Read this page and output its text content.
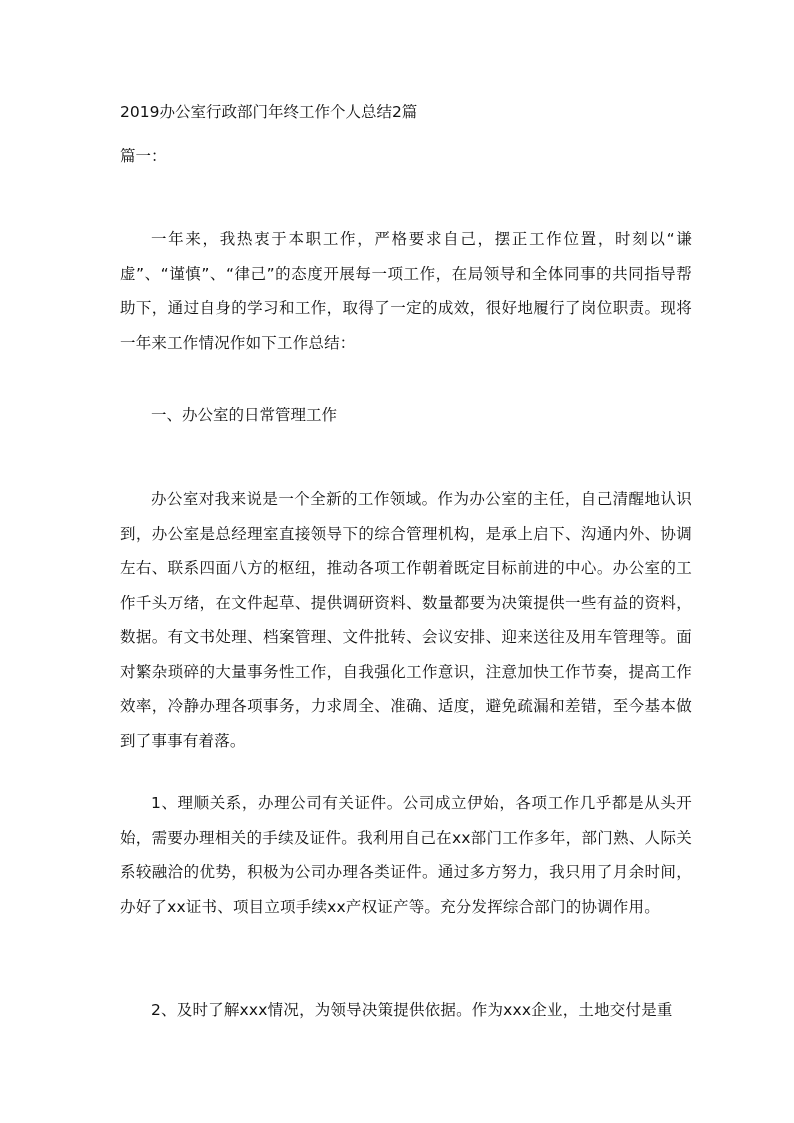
2019办公室行政部门年终工作个人总结2篇
篇一：
一年来，我热衷于本职工作，严格要求自己，摆正工作位置，时刻以“谦虚”、“谨慎”、“律己”的态度开展每一项工作，在局领导和全体同事的共同指导帮助下，通过自身的学习和工作，取得了一定的成效，很好地履行了岗位职责。现将一年来工作情况作如下工作总结：
一、办公室的日常管理工作
办公室对我来说是一个全新的工作领域。作为办公室的主任，自己清醒地认识到，办公室是总经理室直接领导下的综合管理机构，是承上启下、沟通内外、协调左右、联系四面八方的枢纽，推动各项工作朝着既定目标前进的中心。办公室的工作千头万绪，在文件起草、提供调研资料、数量都要为决策提供一些有益的资料，数据。有文书处理、档案管理、文件批转、会议安排、迎来送往及用车管理等。面对繁杂琐碎的大量事务性工作，自我强化工作意识，注意加快工作节奏，提高工作效率，冷静办理各项事务，力求周全、准确、适度，避免疏漏和差错，至今基本做到了事事有着落。
1、理顺关系，办理公司有关证件。公司成立伊始，各项工作几乎都是从头开始，需要办理相关的手续及证件。我利用自己在xx部门工作多年，部门熟、人际关系较融洽的优势，积极为公司办理各类证件。通过多方努力，我只用了月余时间，办好了xx证书、项目立项手续xx产权证产等。充分发挥综合部门的协调作用。
2、及时了解xxx情况，为领导决策提供依据。作为xxx企业，土地交付是重
